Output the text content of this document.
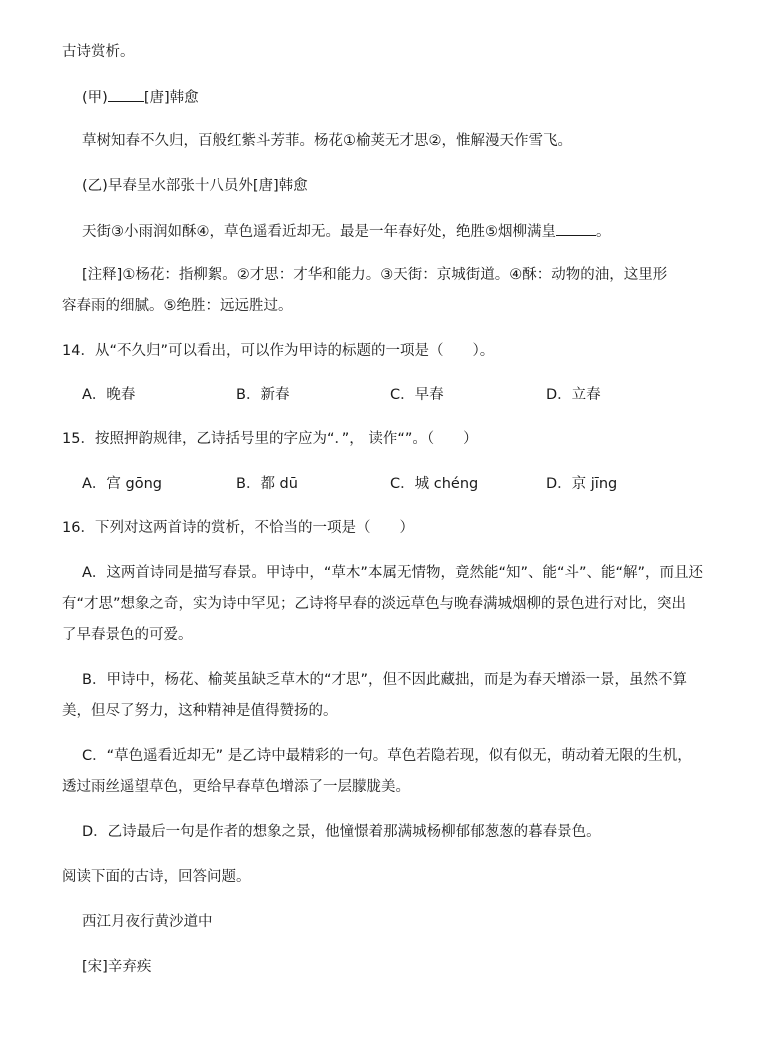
古诗赏析。
(甲) [唐]韩愈
草树知春不久归，百般红紫斗芳菲。杨花①榆荚无才思②，惟解漫天作雪飞。
(乙)早春呈水部张十八员外[唐]韩愈
天街③小雨润如酥④，草色遥看近却无。最是一年春好处，绝胜⑤烟柳满皇	。
[注释]①杨花：指柳絮。②才思：才华和能力。③天街：京城街道。④酥：动物的油，这里形
容春雨的细腻。⑤绝胜：远远胜过。
14．从“不久归”可以看出，可以作为甲诗的标题的一项是（　　）。
A．晚春	B．新春	C．早春	D．立春
15．按照押韵规律，乙诗括号里的字应为“．”， 读作“”。（　　）
A．宫 gōng	B．都 dū	C．城 chéng	D．京 jīng
16．下列对这两首诗的赏析，不恰当的一项是（　　）
A．这两首诗同是描写春景。甲诗中，“草木”本属无情物，竟然能“知”、能“斗”、能“解”，而且还
有“才思”想象之奇，实为诗中罕见；乙诗将早春的淡远草色与晚春满城烟柳的景色进行对比，突出
了早春景色的可爱。
B．甲诗中，杨花、榆荚虽缺乏草木的“才思”，但不因此藏拙，而是为春天增添一景，虽然不算
美，但尽了努力，这种精神是值得赞扬的。
C．“草色遥看近却无” 是乙诗中最精彩的一句。草色若隐若现，似有似无，萌动着无限的生机，
透过雨丝遥望草色，更给早春草色增添了一层朦胧美。
D．乙诗最后一句是作者的想象之景，他憧憬着那满城杨柳郁郁葱葱的暮春景色。
阅读下面的古诗，回答问题。
西江月夜行黄沙道中
[宋]辛弃疾
